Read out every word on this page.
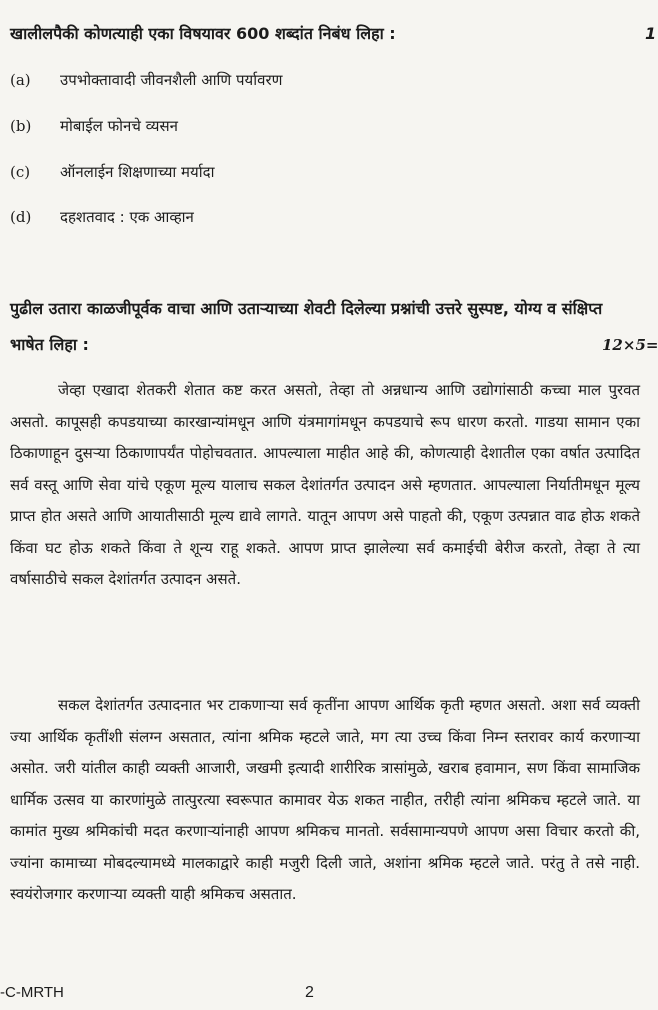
खालीलपैकी कोणत्याही एका विषयावर 600 शब्दांत निबंध लिहा :	1
(a) उपभोक्तावादी जीवनशैली आणि पर्यावरण
(b) मोबाईल फोनचे व्यसन
(c) ऑनलाईन शिक्षणाच्या मर्यादा
(d) दहशतवाद : एक आव्हान
पुढील उतारा काळजीपूर्वक वाचा आणि उताऱ्याच्या शेवटी दिलेल्या प्रश्नांची उत्तरे सुस्पष्ट, योग्य व संक्षिप्त भाषेत लिहा :	12×5=

जेव्हा एखादा शेतकरी शेतात कष्ट करत असतो, तेव्हा तो अन्नधान्य आणि उद्योगांसाठी कच्चा माल पुरवत असतो. कापूसही कपडयाच्या कारखान्यांमधून आणि यंत्रमागांमधून कपडयाचे रूप धारण करतो. गाडया सामान एका ठिकाणाहून दुसऱ्या ठिकाणापर्यंत पोहोचवतात. आपल्याला माहीत आहे की, कोणत्याही देशातील एका वर्षात उत्पादित सर्व वस्तू आणि सेवा यांचे एकूण मूल्य यालाच सकल देशांतर्गत उत्पादन असे म्हणतात. आपल्याला निर्यातीमधून मूल्य प्राप्त होत असते आणि आयातीसाठी मूल्य द्यावे लागते. यातून आपण असे पाहतो की, एकूण उत्पन्नात वाढ होऊ शकते किंवा घट होऊ शकते किंवा ते शून्य राहू शकते. आपण प्राप्त झालेल्या सर्व कमाईची बेरीज करतो, तेव्हा ते त्या वर्षासाठीचे सकल देशांतर्गत उत्पादन असते.

सकल देशांतर्गत उत्पादनात भर टाकणाऱ्या सर्व कृतींना आपण आर्थिक कृती म्हणत असतो. अशा सर्व व्यक्ती ज्या आर्थिक कृतींशी संलग्न असतात, त्यांना श्रमिक म्हटले जाते, मग त्या उच्च किंवा निम्न स्तरावर कार्य करणाऱ्या असोत. जरी यांतील काही व्यक्ती आजारी, जखमी इत्यादी शारीरिक त्रासांमुळे, खराब हवामान, सण किंवा सामाजिक धार्मिक उत्सव या कारणांमुळे तात्पुरत्या स्वरूपात कामावर येऊ शकत नाहीत, तरीही त्यांना श्रमिकच म्हटले जाते. या कामांत मुख्य श्रमिकांची मदत करणाऱ्यांनाही आपण श्रमिकच मानतो. सर्वसामान्यपणे आपण असा विचार करतो की, ज्यांना कामाच्या मोबदल्यामध्ये मालकाद्वारे काही मजुरी दिली जाते, अशांना श्रमिक म्हटले जाते. परंतु ते तसे नाही. स्वयंरोजगार करणाऱ्या व्यक्ती याही श्रमिकच असतात.

-C-MRTH	2
